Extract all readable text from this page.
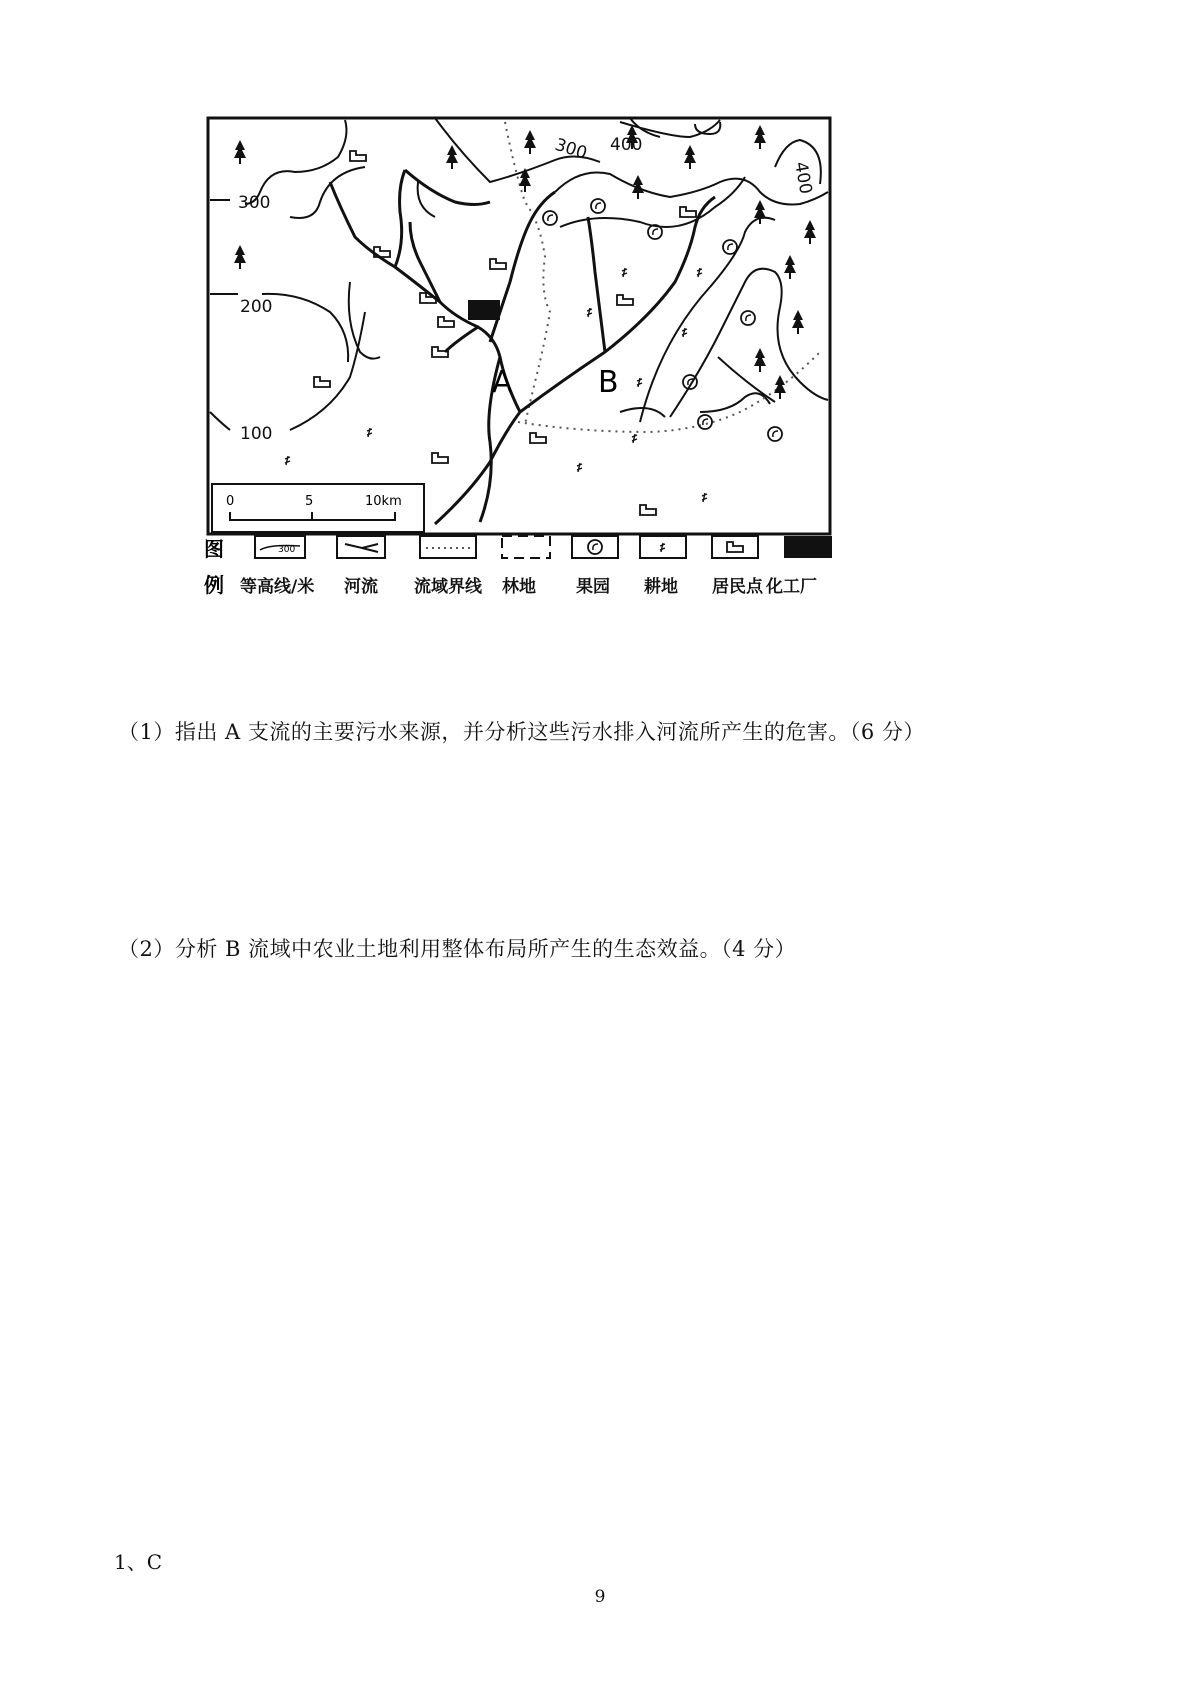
400
300
400
300
200
100
A	B
0	5	10km
图
例
300
等高线/米 河流 流域界线 林地 果园 耕地 居民点 化工厂
（1）指出 A 支流的主要污水来源，并分析这些污水排入河流所产生的危害。（6 分）
（2）分析 B 流域中农业土地利用整体布局所产生的生态效益。（4 分）
1、C
9
